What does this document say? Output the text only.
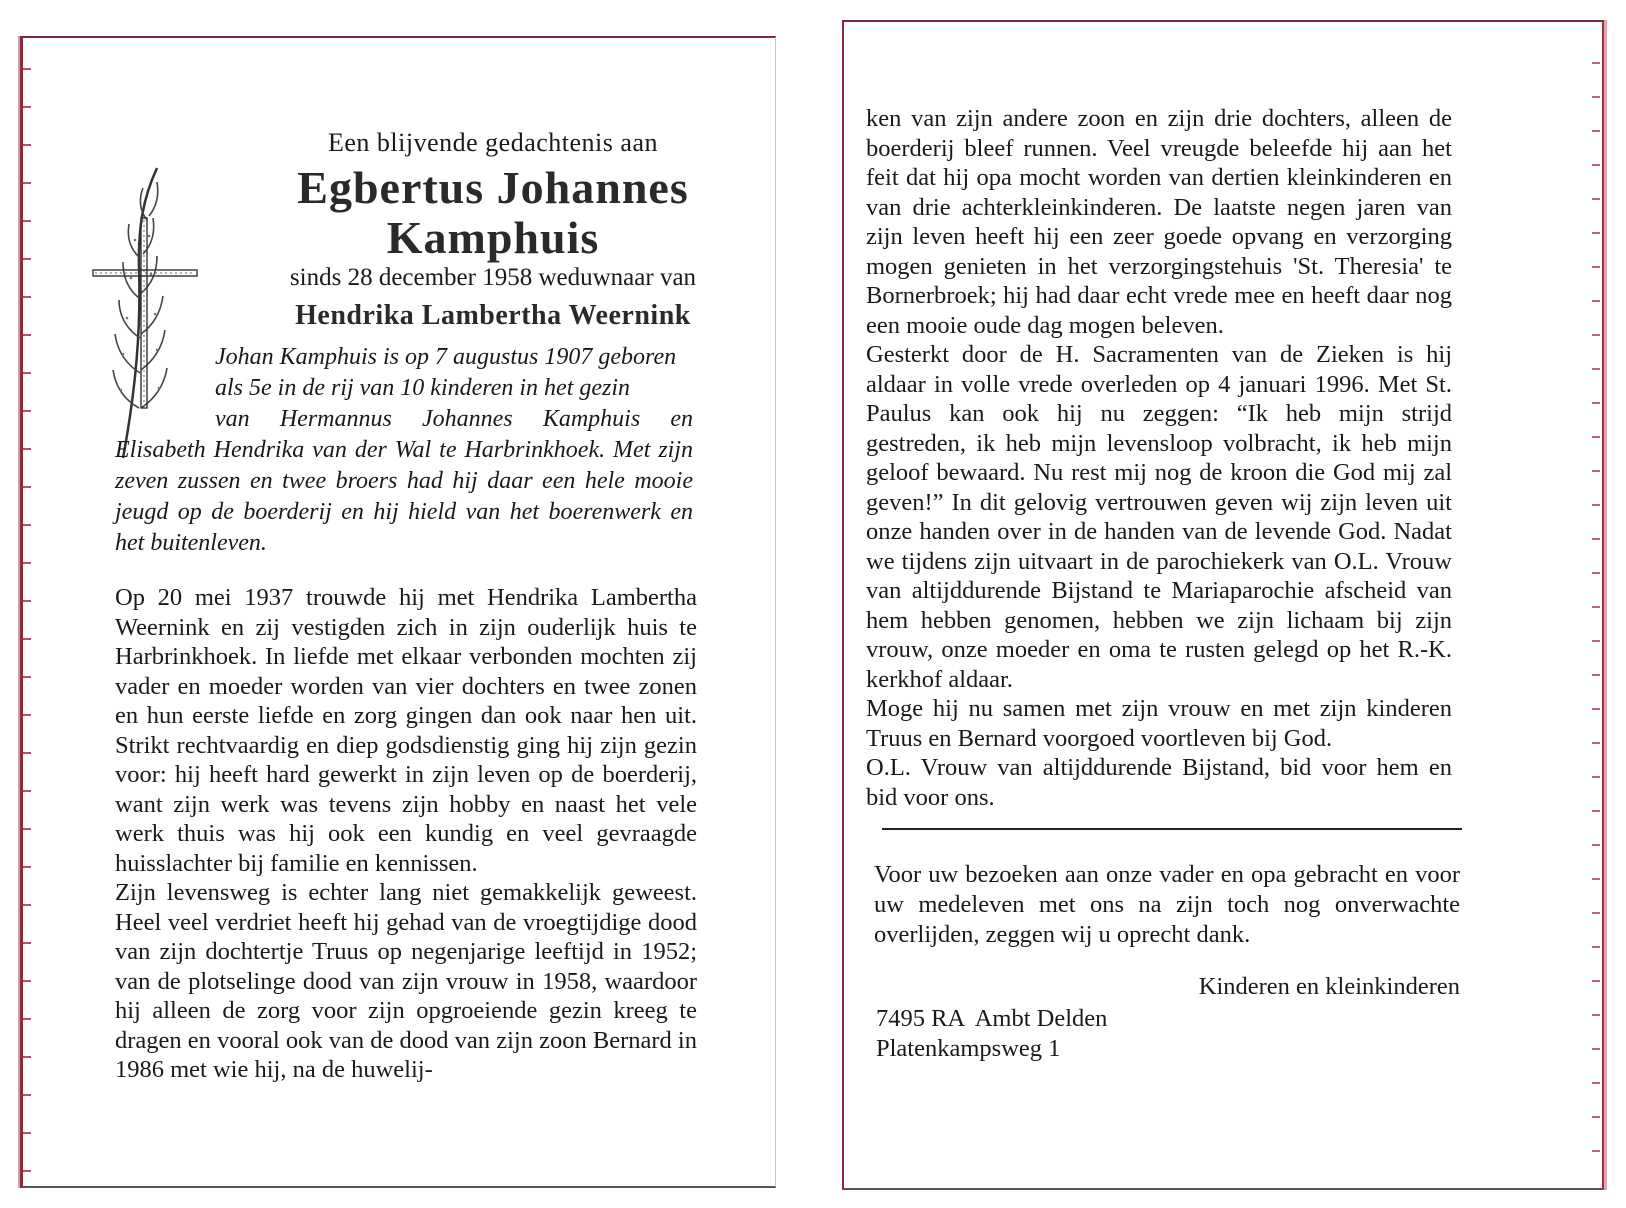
Een blijvende gedachtenis aan
Egbertus Johannes
Kamphuis
sinds 28 december 1958 weduwnaar van
Hendrika Lambertha Weernink

Johan Kamphuis is op 7 augustus 1907 geboren

als 5e in de rij van 10 kinderen in het gezin

van Hermannus Johannes Kamphuis en

Elisabeth Hendrika van der Wal te Harbrinkhoek. Met zijn zeven zussen en twee broers had hij daar een hele mooie jeugd op de boerderij en hij hield van het boerenwerk en het buitenleven.

Op 20 mei 1937 trouwde hij met Hendrika Lambertha Weernink en zij vestigden zich in zijn ouderlijk huis te Harbrinkhoek. In liefde met elkaar verbonden mochten zij vader en moeder worden van vier dochters en twee zonen en hun eerste liefde en zorg gingen dan ook naar hen uit. Strikt rechtvaardig en diep godsdienstig ging hij zijn gezin voor: hij heeft hard gewerkt in zijn leven op de boerderij, want zijn werk was tevens zijn hobby en naast het vele werk thuis was hij ook een kundig en veel gevraagde huisslachter bij familie en kennissen.

Zijn levensweg is echter lang niet gemakkelijk geweest. Heel veel verdriet heeft hij gehad van de vroegtijdige dood van zijn dochtertje Truus op negenjarige leeftijd in 1952; van de plotselinge dood van zijn vrouw in 1958, waardoor hij alleen de zorg voor zijn opgroeiende gezin kreeg te dragen en vooral ook van de dood van zijn zoon Bernard in 1986 met wie hij, na de huwelij-

ken van zijn andere zoon en zijn drie dochters, alleen de boerderij bleef runnen. Veel vreugde beleefde hij aan het feit dat hij opa mocht worden van dertien kleinkinderen en van drie achterkleinkinderen. De laatste negen jaren van zijn leven heeft hij een zeer goede opvang en verzorging mogen genieten in het verzorgingstehuis 'St. Theresia' te Bornerbroek; hij had daar echt vrede mee en heeft daar nog een mooie oude dag mogen beleven.

Gesterkt door de H. Sacramenten van de Zieken is hij aldaar in volle vrede overleden op 4 januari 1996. Met St. Paulus kan ook hij nu zeggen: “Ik heb mijn strijd gestreden, ik heb mijn levensloop volbracht, ik heb mijn geloof bewaard. Nu rest mij nog de kroon die God mij zal geven!” In dit gelovig vertrouwen geven wij zijn leven uit onze handen over in de handen van de levende God. Nadat we tijdens zijn uitvaart in de parochiekerk van O.L. Vrouw van altijddurende Bijstand te Mariaparochie afscheid van hem hebben genomen, hebben we zijn lichaam bij zijn vrouw, onze moeder en oma te rusten gelegd op het R.-K. kerkhof aldaar.

Moge hij nu samen met zijn vrouw en met zijn kinderen Truus en Bernard voorgoed voortleven bij God.

O.L. Vrouw van altijddurende Bijstand, bid voor hem en bid voor ons.

Voor uw bezoeken aan onze vader en opa gebracht en voor uw medeleven met ons na zijn toch nog onverwachte overlijden, zeggen wij u oprecht dank.
Kinderen en kleinkinderen
7495 RA  Ambt Delden
Platenkampsweg 1
